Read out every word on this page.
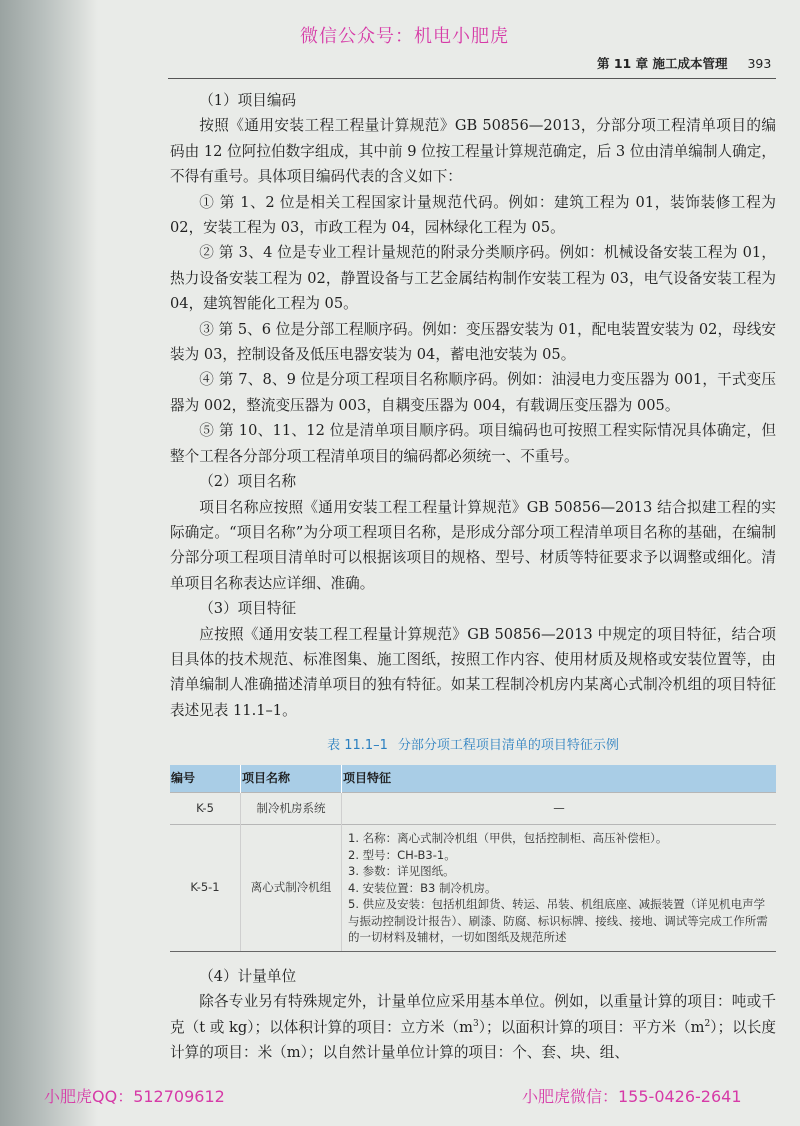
微信公众号：机电小肥虎
第 11 章 施工成本管理 393

（1）项目编码

按照《通用安装工程工程量计算规范》GB 50856—2013，分部分项工程清单项目的编码由 12 位阿拉伯数字组成，其中前 9 位按工程量计算规范确定，后 3 位由清单编制人确定，不得有重号。具体项目编码代表的含义如下：

① 第 1、2 位是相关工程国家计量规范代码。例如：建筑工程为 01，装饰装修工程为 02，安装工程为 03，市政工程为 04，园林绿化工程为 05。

② 第 3、4 位是专业工程计量规范的附录分类顺序码。例如：机械设备安装工程为 01，热力设备安装工程为 02，静置设备与工艺金属结构制作安装工程为 03，电气设备安装工程为 04，建筑智能化工程为 05。

③ 第 5、6 位是分部工程顺序码。例如：变压器安装为 01，配电装置安装为 02，母线安装为 03，控制设备及低压电器安装为 04，蓄电池安装为 05。

④ 第 7、8、9 位是分项工程项目名称顺序码。例如：油浸电力变压器为 001，干式变压器为 002，整流变压器为 003，自耦变压器为 004，有载调压变压器为 005。

⑤ 第 10、11、12 位是清单项目顺序码。项目编码也可按照工程实际情况具体确定，但整个工程各分部分项工程清单项目的编码都必须统一、不重号。

（2）项目名称

项目名称应按照《通用安装工程工程量计算规范》GB 50856—2013 结合拟建工程的实际确定。“项目名称”为分项工程项目名称，是形成分部分项工程清单项目名称的基础，在编制分部分项工程项目清单时可以根据该项目的规格、型号、材质等特征要求予以调整或细化。清单项目名称表达应详细、准确。

（3）项目特征

应按照《通用安装工程工程量计算规范》GB 50856—2013 中规定的项目特征，结合项目具体的技术规范、标准图集、施工图纸，按照工作内容、使用材质及规格或安装位置等，由清单编制人准确描述清单项目的独有特征。如某工程制冷机房内某离心式制冷机组的项目特征表述见表 11.1–1。

表 11.1–1 分部分项工程项目清单的项目特征示例
编号	项目名称	项目特征
K-5	制冷机房系统	—

K-5-1	离心式制冷机组	1. 名称：离心式制冷机组（甲供，包括控制柜、高压补偿柜）。
2. 型号：CH-B3-1。
3. 参数：详见图纸。
4. 安装位置：B3 制冷机房。
5. 供应及安装：包括机组卸货、转运、吊装、机组底座、减振装置（详见机电声学与振动控制设计报告）、刷漆、防腐、标识标牌、接线、接地、调试等完成工作所需的一切材料及辅材，一切如图纸及规范所述

（4）计量单位

除各专业另有特殊规定外，计量单位应采用基本单位。例如，以重量计算的项目：吨或千克（t 或 kg）；以体积计算的项目：立方米$(m^3)$；以面积计算的项目：平方米$(m^2)$；以长度计算的项目：米（m）；以自然计量单位计算的项目：个、套、块、组、

小肥虎QQ：512709612	小肥虎微信：155-0426-2641
